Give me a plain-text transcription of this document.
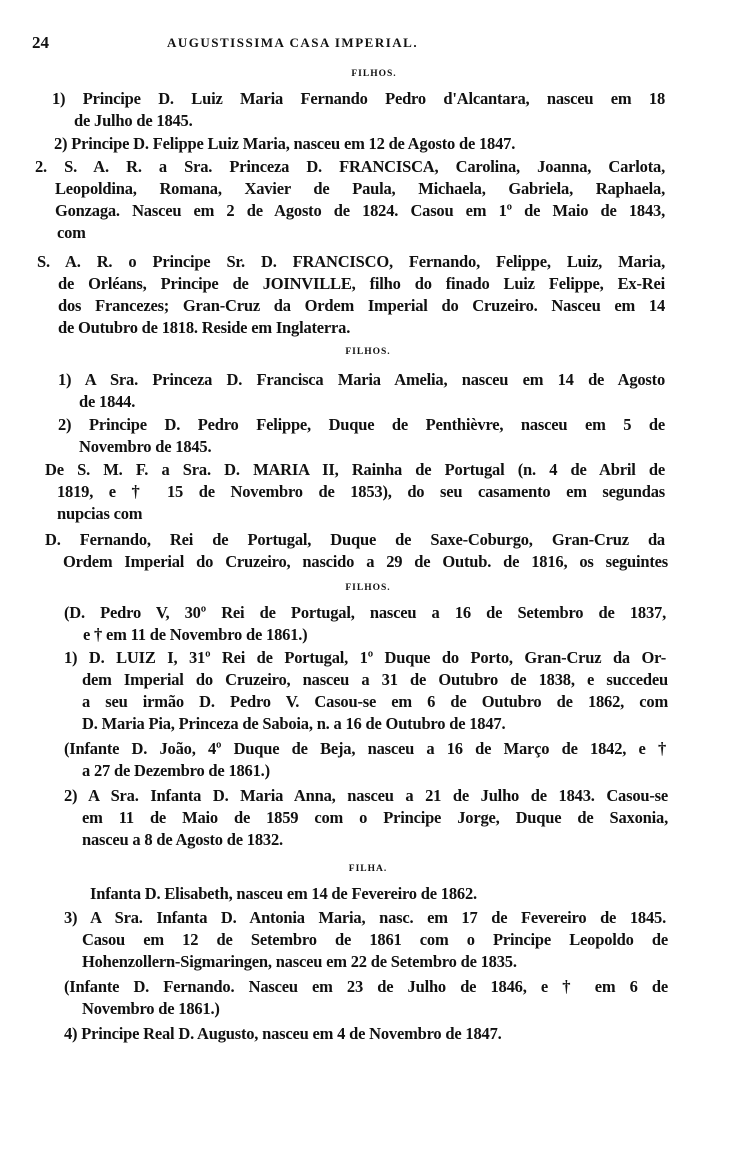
24	AUGUSTISSIMA CASA IMPERIAL.
FILHOS.
1) Principe D. Luiz Maria Fernando Pedro d'Alcantara, nasceu em 18
de Julho de 1845.
2) Principe D. Felippe Luiz Maria, nasceu em 12 de Agosto de 1847.
2. S. A. R. a Sra. Princeza D. FRANCISCA, Carolina, Joanna, Carlota,
Leopoldina, Romana, Xavier de Paula, Michaela, Gabriela, Raphaela,
Gonzaga. Nasceu em 2 de Agosto de 1824. Casou em 1º de Maio de 1843,
com
S. A. R. o Principe Sr. D. FRANCISCO, Fernando, Felippe, Luiz, Maria,
de Orléans, Principe de JOINVILLE, filho do finado Luiz Felippe, Ex-Rei
dos Francezes; Gran-Cruz da Ordem Imperial do Cruzeiro. Nasceu em 14
de Outubro de 1818. Reside em Inglaterra.
FILHOS.
1) A Sra. Princeza D. Francisca Maria Amelia, nasceu em 14 de Agosto
de 1844.
2) Principe D. Pedro Felippe, Duque de Penthièvre, nasceu em 5 de
Novembro de 1845.
De S. M. F. a Sra. D. MARIA II, Rainha de Portugal (n. 4 de Abril de
1819, e † 15 de Novembro de 1853), do seu casamento em segundas
nupcias com
D. Fernando, Rei de Portugal, Duque de Saxe-Coburgo, Gran-Cruz da
Ordem Imperial do Cruzeiro, nascido a 29 de Outub. de 1816, os seguintes
FILHOS.
(D. Pedro V, 30º Rei de Portugal, nasceu a 16 de Setembro de 1837,
e † em 11 de Novembro de 1861.)
1) D. LUIZ I, 31º Rei de Portugal, 1º Duque do Porto, Gran-Cruz da Or-
dem Imperial do Cruzeiro, nasceu a 31 de Outubro de 1838, e succedeu
a seu irmão D. Pedro V. Casou-se em 6 de Outubro de 1862, com
D. Maria Pia, Princeza de Saboia, n. a 16 de Outubro de 1847.
(Infante D. João, 4º Duque de Beja, nasceu a 16 de Março de 1842, e †
a 27 de Dezembro de 1861.)
2) A Sra. Infanta D. Maria Anna, nasceu a 21 de Julho de 1843. Casou-se
em 11 de Maio de 1859 com o Principe Jorge, Duque de Saxonia,
nasceu a 8 de Agosto de 1832.
FILHA.
Infanta D. Elisabeth, nasceu em 14 de Fevereiro de 1862.
3) A Sra. Infanta D. Antonia Maria, nasc. em 17 de Fevereiro de 1845.
Casou em 12 de Setembro de 1861 com o Principe Leopoldo de
Hohenzollern-Sigmaringen, nasceu em 22 de Setembro de 1835.
(Infante D. Fernando. Nasceu em 23 de Julho de 1846, e † em 6 de
Novembro de 1861.)
4) Principe Real D. Augusto, nasceu em 4 de Novembro de 1847.
